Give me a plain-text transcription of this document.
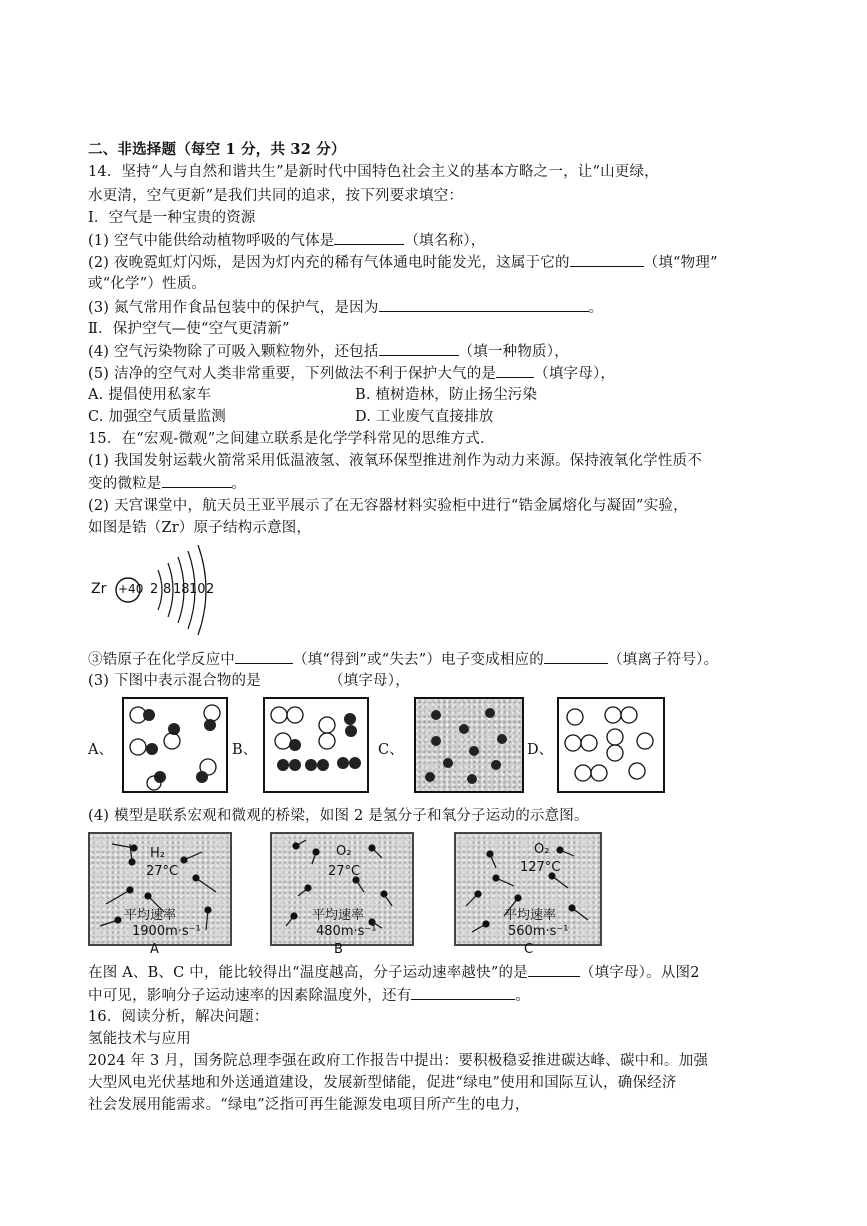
二、非选择题（每空 1 分，共 32 分）
14．坚持“人与自然和谐共生”是新时代中国特色社会主义的基本方略之一，让“山更绿，
水更清，空气更新”是我们共同的追求，按下列要求填空：
Ⅰ．空气是一种宝贵的资源
(1) 空气中能供给动植物呼吸的气体是	（填名称），
(2) 夜晚霓虹灯闪烁，是因为灯内充的稀有气体通电时能发光，这属于它的	（填“物理”
或“化学”）性质。
(3) 氮气常用作食品包装中的保护气，是因为	。
Ⅱ．保护空气—使“空气更清新”
(4) 空气污染物除了可吸入颗粒物外，还包括	（填一种物质），
(5) 洁净的空气对人类非常重要，下列做法不利于保护大气的是	（填字母），
A. 提倡使用私家车	B. 植树造林，防止扬尘污染
C. 加强空气质量监测	D. 工业废气直接排放
15．在“宏观-微观”之间建立联系是化学学科常见的思维方式．
(1) 我国发射运载火箭常采用低温液氢、液氧环保型推进剂作为动力来源。保持液氧化学性质不
变的微粒是	。
(2) 天宫课堂中，航天员王亚平展示了在无容器材料实验柜中进行“锆金属熔化与凝固”实验，
如图是锆（Zr）原子结构示意图，
Zr +40 2 8 18 10 2
③锆原子在化学反应中	（填“得到”或“失去”）电子变成相应的	（填离子符号）。
(3) 下图中表示混合物的是	（填字母），
A、	B、	C、	D、
(4) 模型是联系宏观和微观的桥梁，如图 2 是氢分子和氧分子运动的示意图。
H₂
27°C
平均速率
1900m·s⁻¹
A
O₂
27°C
平均速率
480m·s⁻¹
B
O₂
127°C
平均速率
560m·s⁻¹
C
在图 A、B、C 中，能比较得出“温度越高，分子运动速率越快”的是	（填字母）。从图2
中可见，影响分子运动速率的因素除温度外，还有	。
16．阅读分析，解决问题：
氢能技术与应用
2024 年 3 月，国务院总理李强在政府工作报告中提出：要积极稳妥推进碳达峰、碳中和。加强
大型风电光伏基地和外送通道建设，发展新型储能，促进“绿电”使用和国际互认，确保经济
社会发展用能需求。“绿电”泛指可再生能源发电项目所产生的电力，
